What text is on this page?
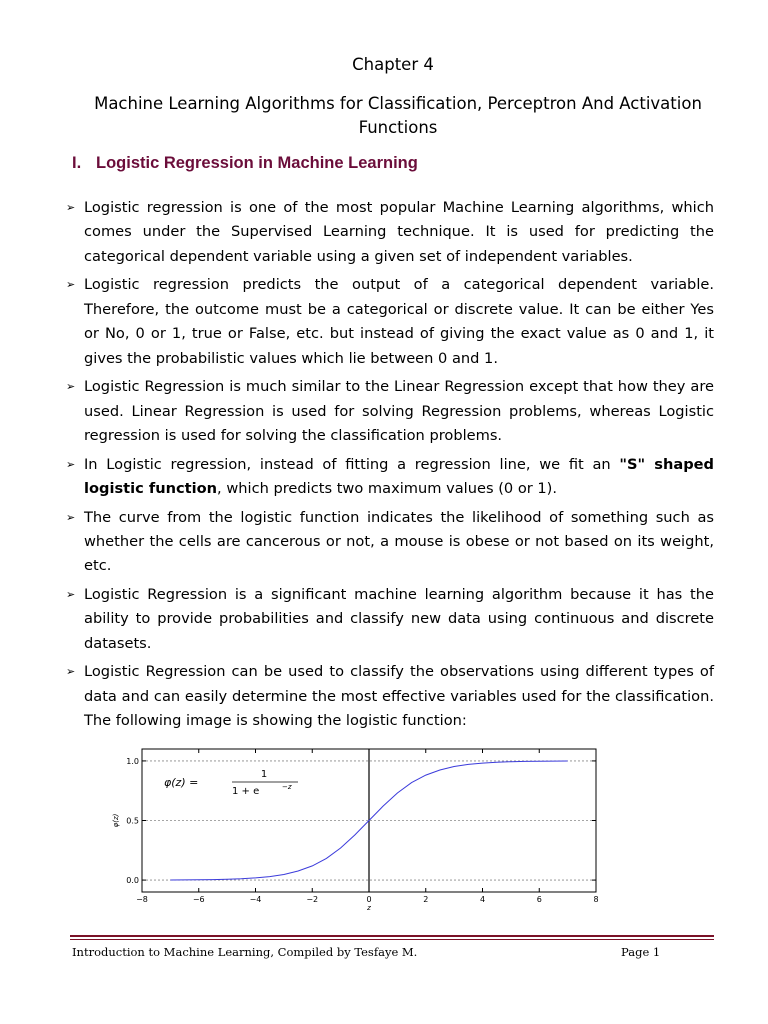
Chapter 4
Machine Learning Algorithms for Classification, Perceptron And Activation Functions
I. Logistic Regression in Machine Learning
➢ Logistic regression is one of the most popular Machine Learning algorithms, which comes under the Supervised Learning technique. It is used for predicting the categorical dependent variable using a given set of independent variables.
➢ Logistic regression predicts the output of a categorical dependent variable. Therefore, the outcome must be a categorical or discrete value. It can be either Yes or No, 0 or 1, true or False, etc. but instead of giving the exact value as 0 and 1, it gives the probabilistic values which lie between 0 and 1.
➢ Logistic Regression is much similar to the Linear Regression except that how they are used. Linear Regression is used for solving Regression problems, whereas Logistic regression is used for solving the classification problems.
➢ In Logistic regression, instead of fitting a regression line, we fit an "S" shaped logistic function, which predicts two maximum values (0 or 1).
➢ The curve from the logistic function indicates the likelihood of something such as whether the cells are cancerous or not, a mouse is obese or not based on its weight, etc.
➢ Logistic Regression is a significant machine learning algorithm because it has the ability to provide probabilities and classify new data using continuous and discrete datasets.
➢ Logistic Regression can be used to classify the observations using different types of data and can easily determine the most effective variables used for the classification. The following image is showing the logistic function:
0.0
0.5
1.0
−8	−6	−4	−2	0	2	4	6	8
z
φ(z)
φ(z) =
1
1 + e	−z
Introduction to Machine Learning, Compiled by Tesfaye M.	Page 1
